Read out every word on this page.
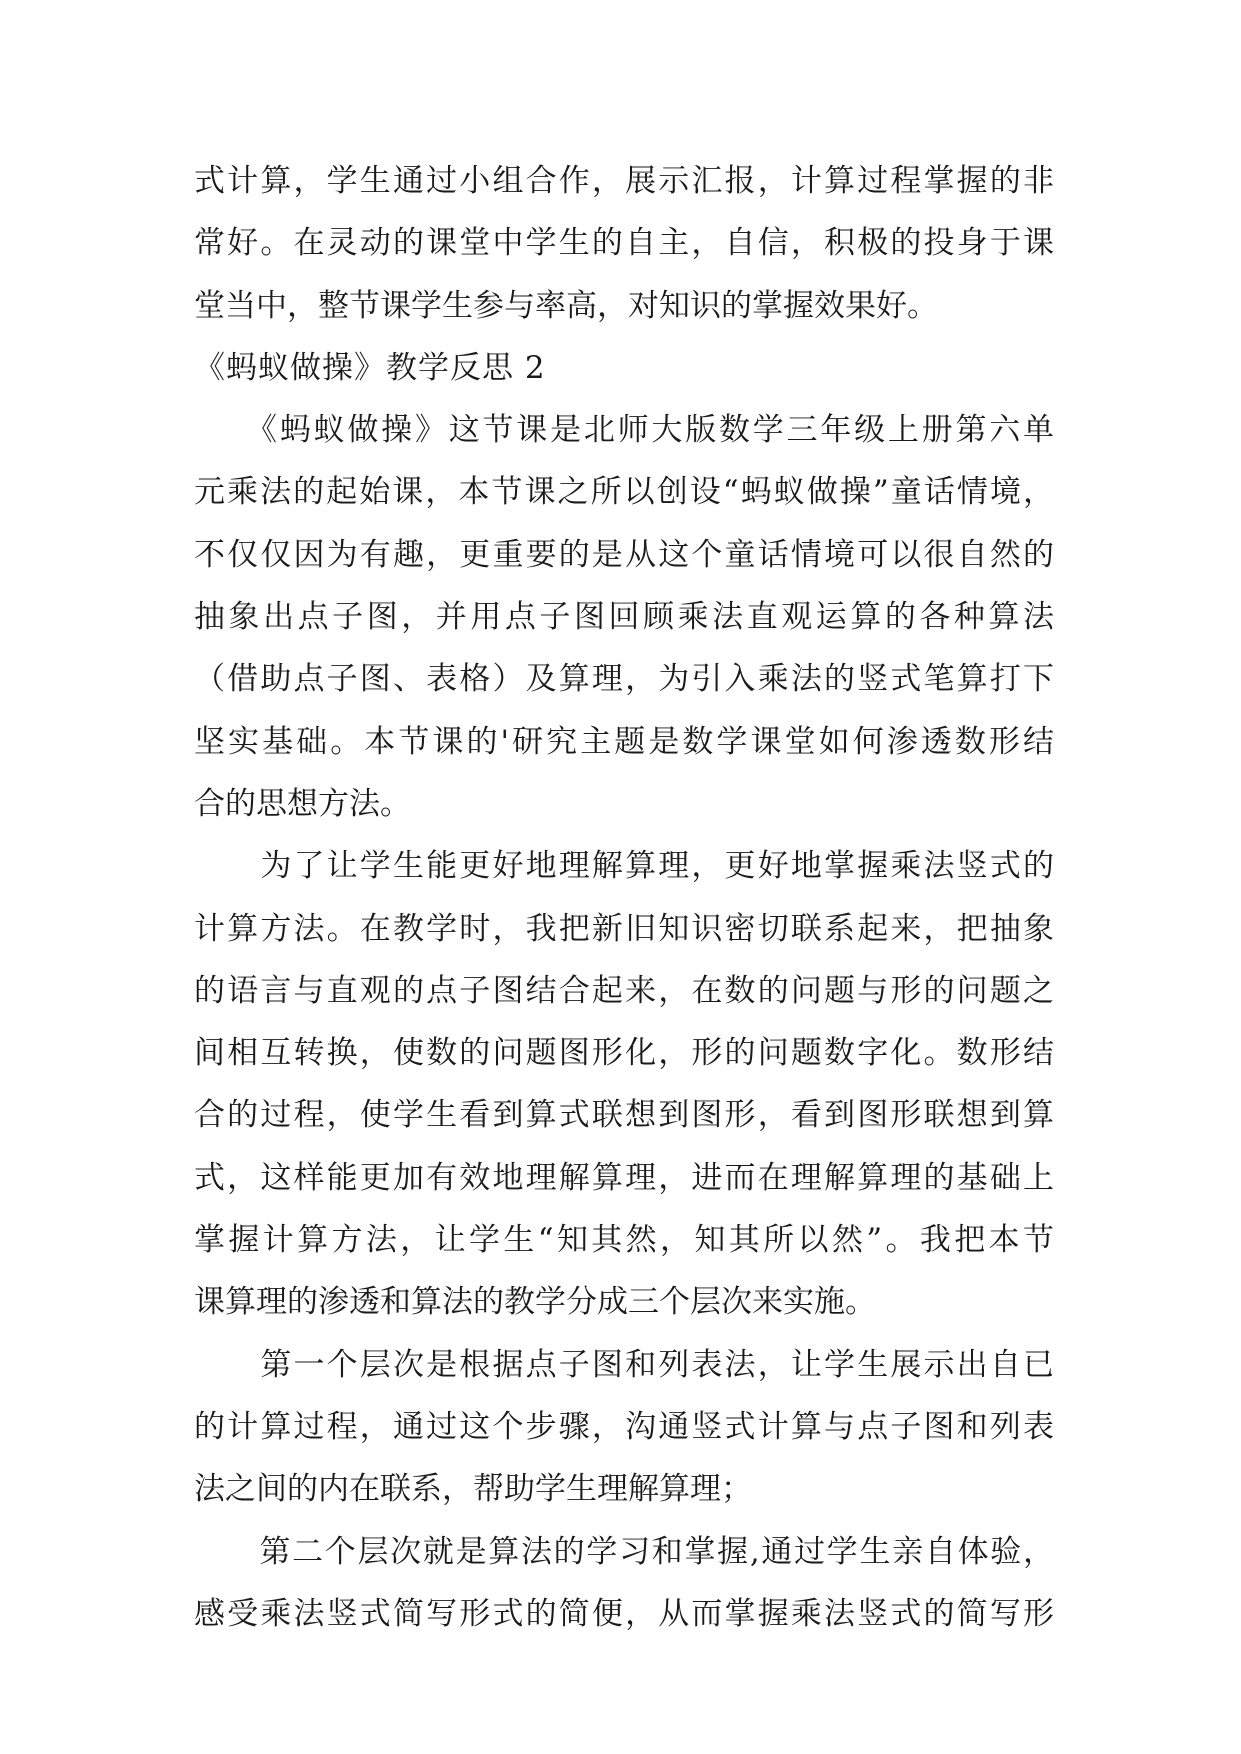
式计算，学生通过小组合作，展示汇报，计算过程掌握的非
常好。在灵动的课堂中学生的自主，自信，积极的投身于课
堂当中，整节课学生参与率高，对知识的掌握效果好。
《蚂蚁做操》教学反思 2
　　《蚂蚁做操》这节课是北师大版数学三年级上册第六单
元乘法的起始课，本节课之所以创设“蚂蚁做操”童话情境，
不仅仅因为有趣，更重要的是从这个童话情境可以很自然的
抽象出点子图，并用点子图回顾乘法直观运算的各种算法
（借助点子图、表格）及算理，为引入乘法的竖式笔算打下
坚实基础。本节课的'研究主题是数学课堂如何渗透数形结
合的思想方法。
　　为了让学生能更好地理解算理，更好地掌握乘法竖式的
计算方法。在教学时，我把新旧知识密切联系起来，把抽象
的语言与直观的点子图结合起来，在数的问题与形的问题之
间相互转换，使数的问题图形化，形的问题数字化。数形结
合的过程，使学生看到算式联想到图形，看到图形联想到算
式，这样能更加有效地理解算理，进而在理解算理的基础上
掌握计算方法，让学生“知其然，知其所以然”。我把本节
课算理的渗透和算法的教学分成三个层次来实施。
　　第一个层次是根据点子图和列表法，让学生展示出自已
的计算过程，通过这个步骤，沟通竖式计算与点子图和列表
法之间的内在联系，帮助学生理解算理；
　　第二个层次就是算法的学习和掌握,通过学生亲自体验，
感受乘法竖式简写形式的简便，从而掌握乘法竖式的简写形
